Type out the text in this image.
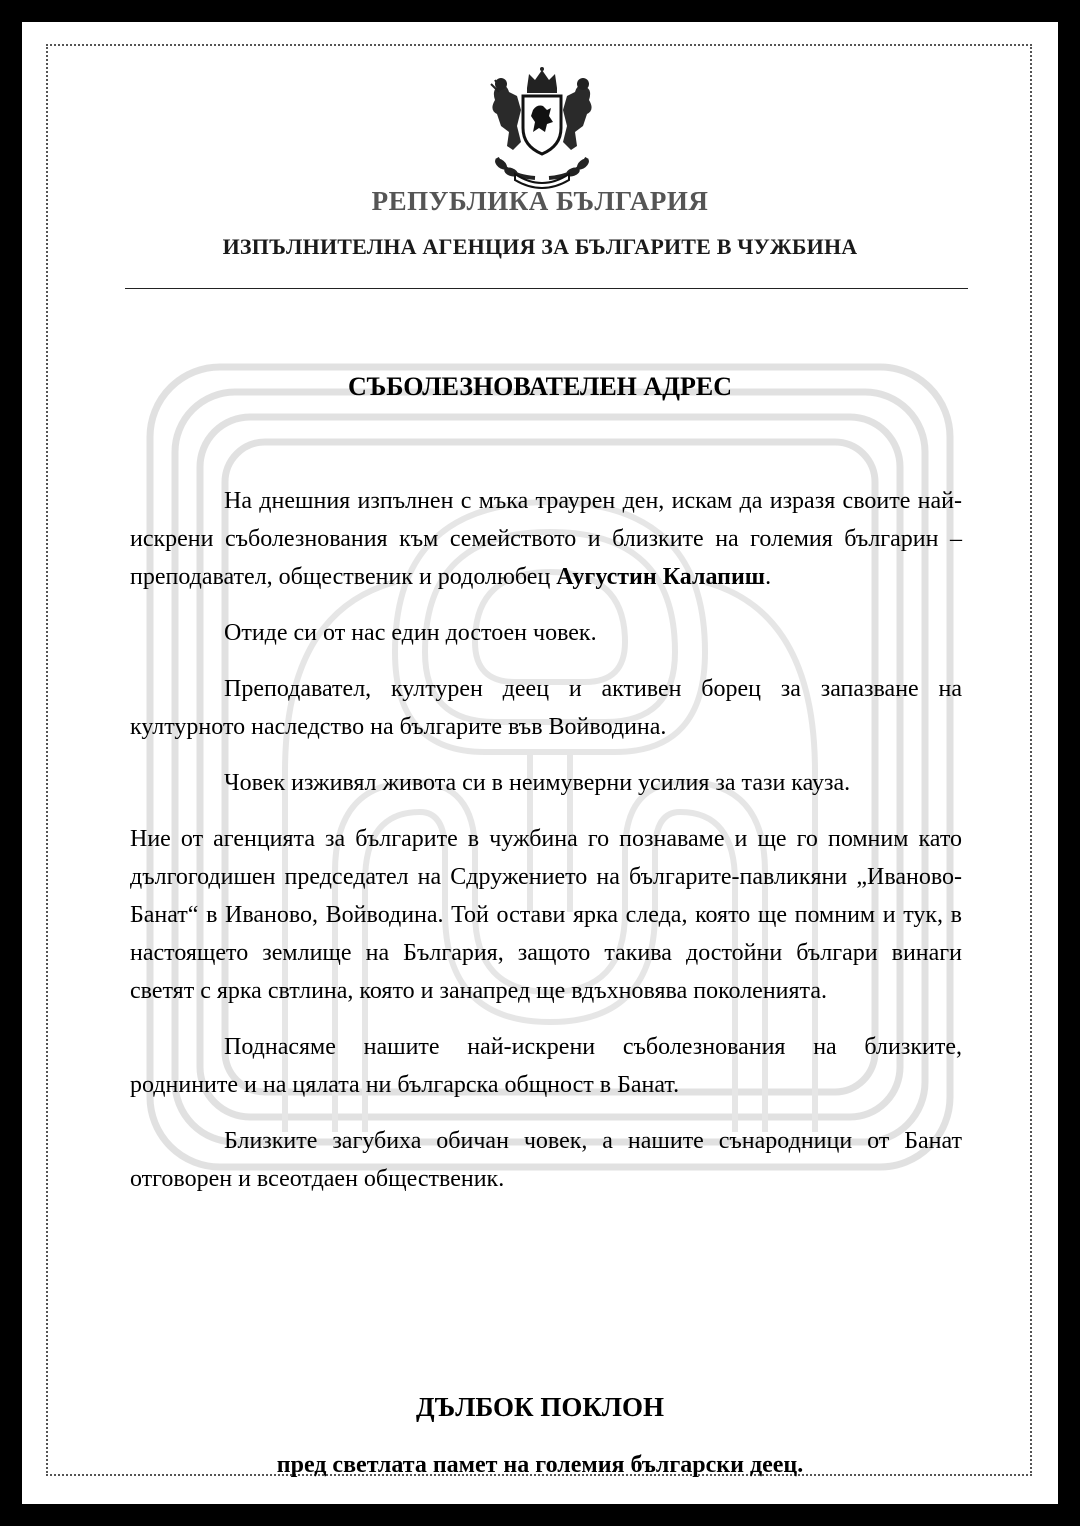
РЕПУБЛИКА БЪЛГАРИЯ
ИЗПЪЛНИТЕЛНА АГЕНЦИЯ ЗА БЪЛГАРИТЕ В ЧУЖБИНА
СЪБОЛЕЗНОВАТЕЛЕН АДРЕС

На днешния изпълнен с мъка траурен ден, искам да изразя своите най-искрени съболезнования към семейството и близките на големия българин – преподавател, общественик и родолюбец Аугустин Калапиш.

Отиде си от нас един достоен човек.

Преподавател, културен деец и активен борец за запазване на културното наследство на българите във Войводина.

Човек изживял живота си в неимуверни усилия за тази кауза.

Ние от агенцията за българите в чужбина го познаваме и ще го помним като дългогодишен председател на Сдружението на българите-павликяни „Иваново-Банат“ в Иваново, Войводина. Той остави ярка следа, която ще помним и тук, в настоящето землище на България, защото такива достойни българи винаги светят с ярка свтлина, която и занапред ще вдъхновява поколенията.

Поднасяме нашите най-искрени съболезнования на близките, роднините и на цялата ни българска общност в Банат.

Близките загубиха обичан човек, а нашите сънародници от Банат отговорен и всеотдаен общественик.

ДЪЛБОК ПОКЛОН
пред светлата памет на големия български деец.
